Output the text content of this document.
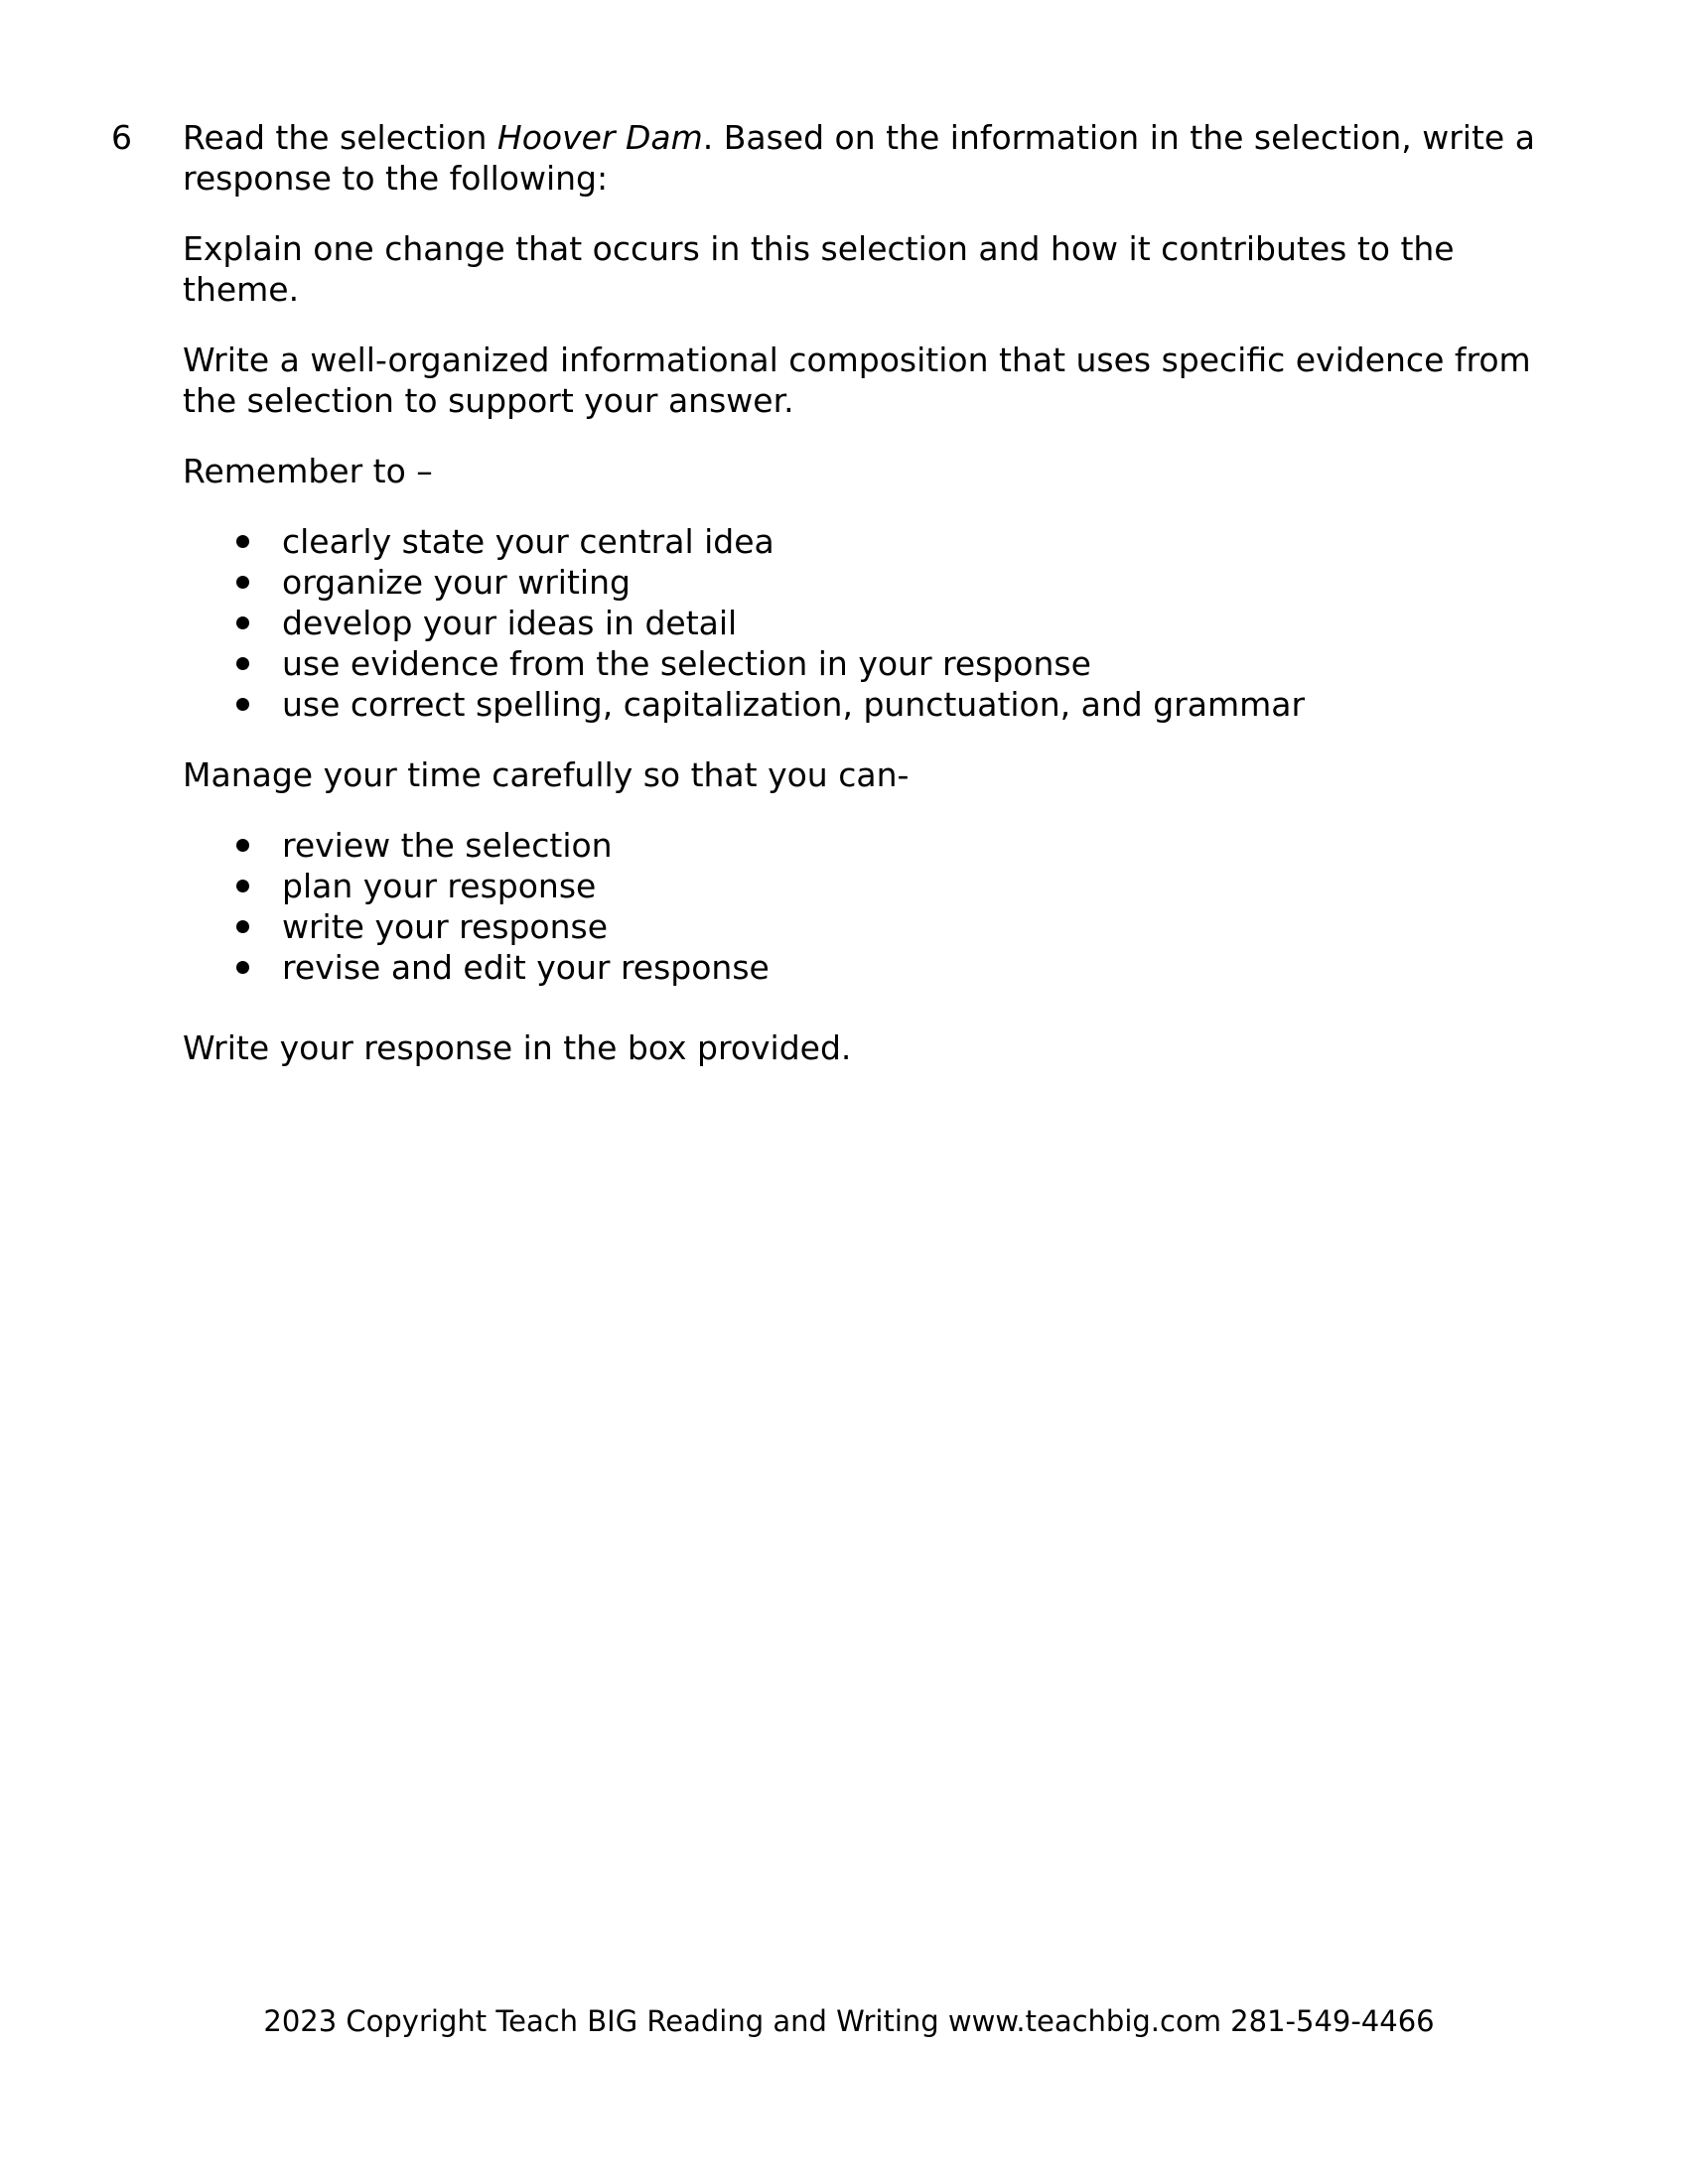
6 Read the selection Hoover Dam. Based on the information in the selection, write a response to the following:

Explain one change that occurs in this selection and how it contributes to the theme.

Write a well-organized informational composition that uses specific evidence from the selection to support your answer.

Remember to –

clearly state your central idea
organize your writing
develop your ideas in detail
use evidence from the selection in your response
use correct spelling, capitalization, punctuation, and grammar

Manage your time carefully so that you can-

review the selection
plan your response
write your response
revise and edit your response

Write your response in the box provided.

2023 Copyright Teach BIG Reading and Writing www.teachbig.com 281-549-4466
